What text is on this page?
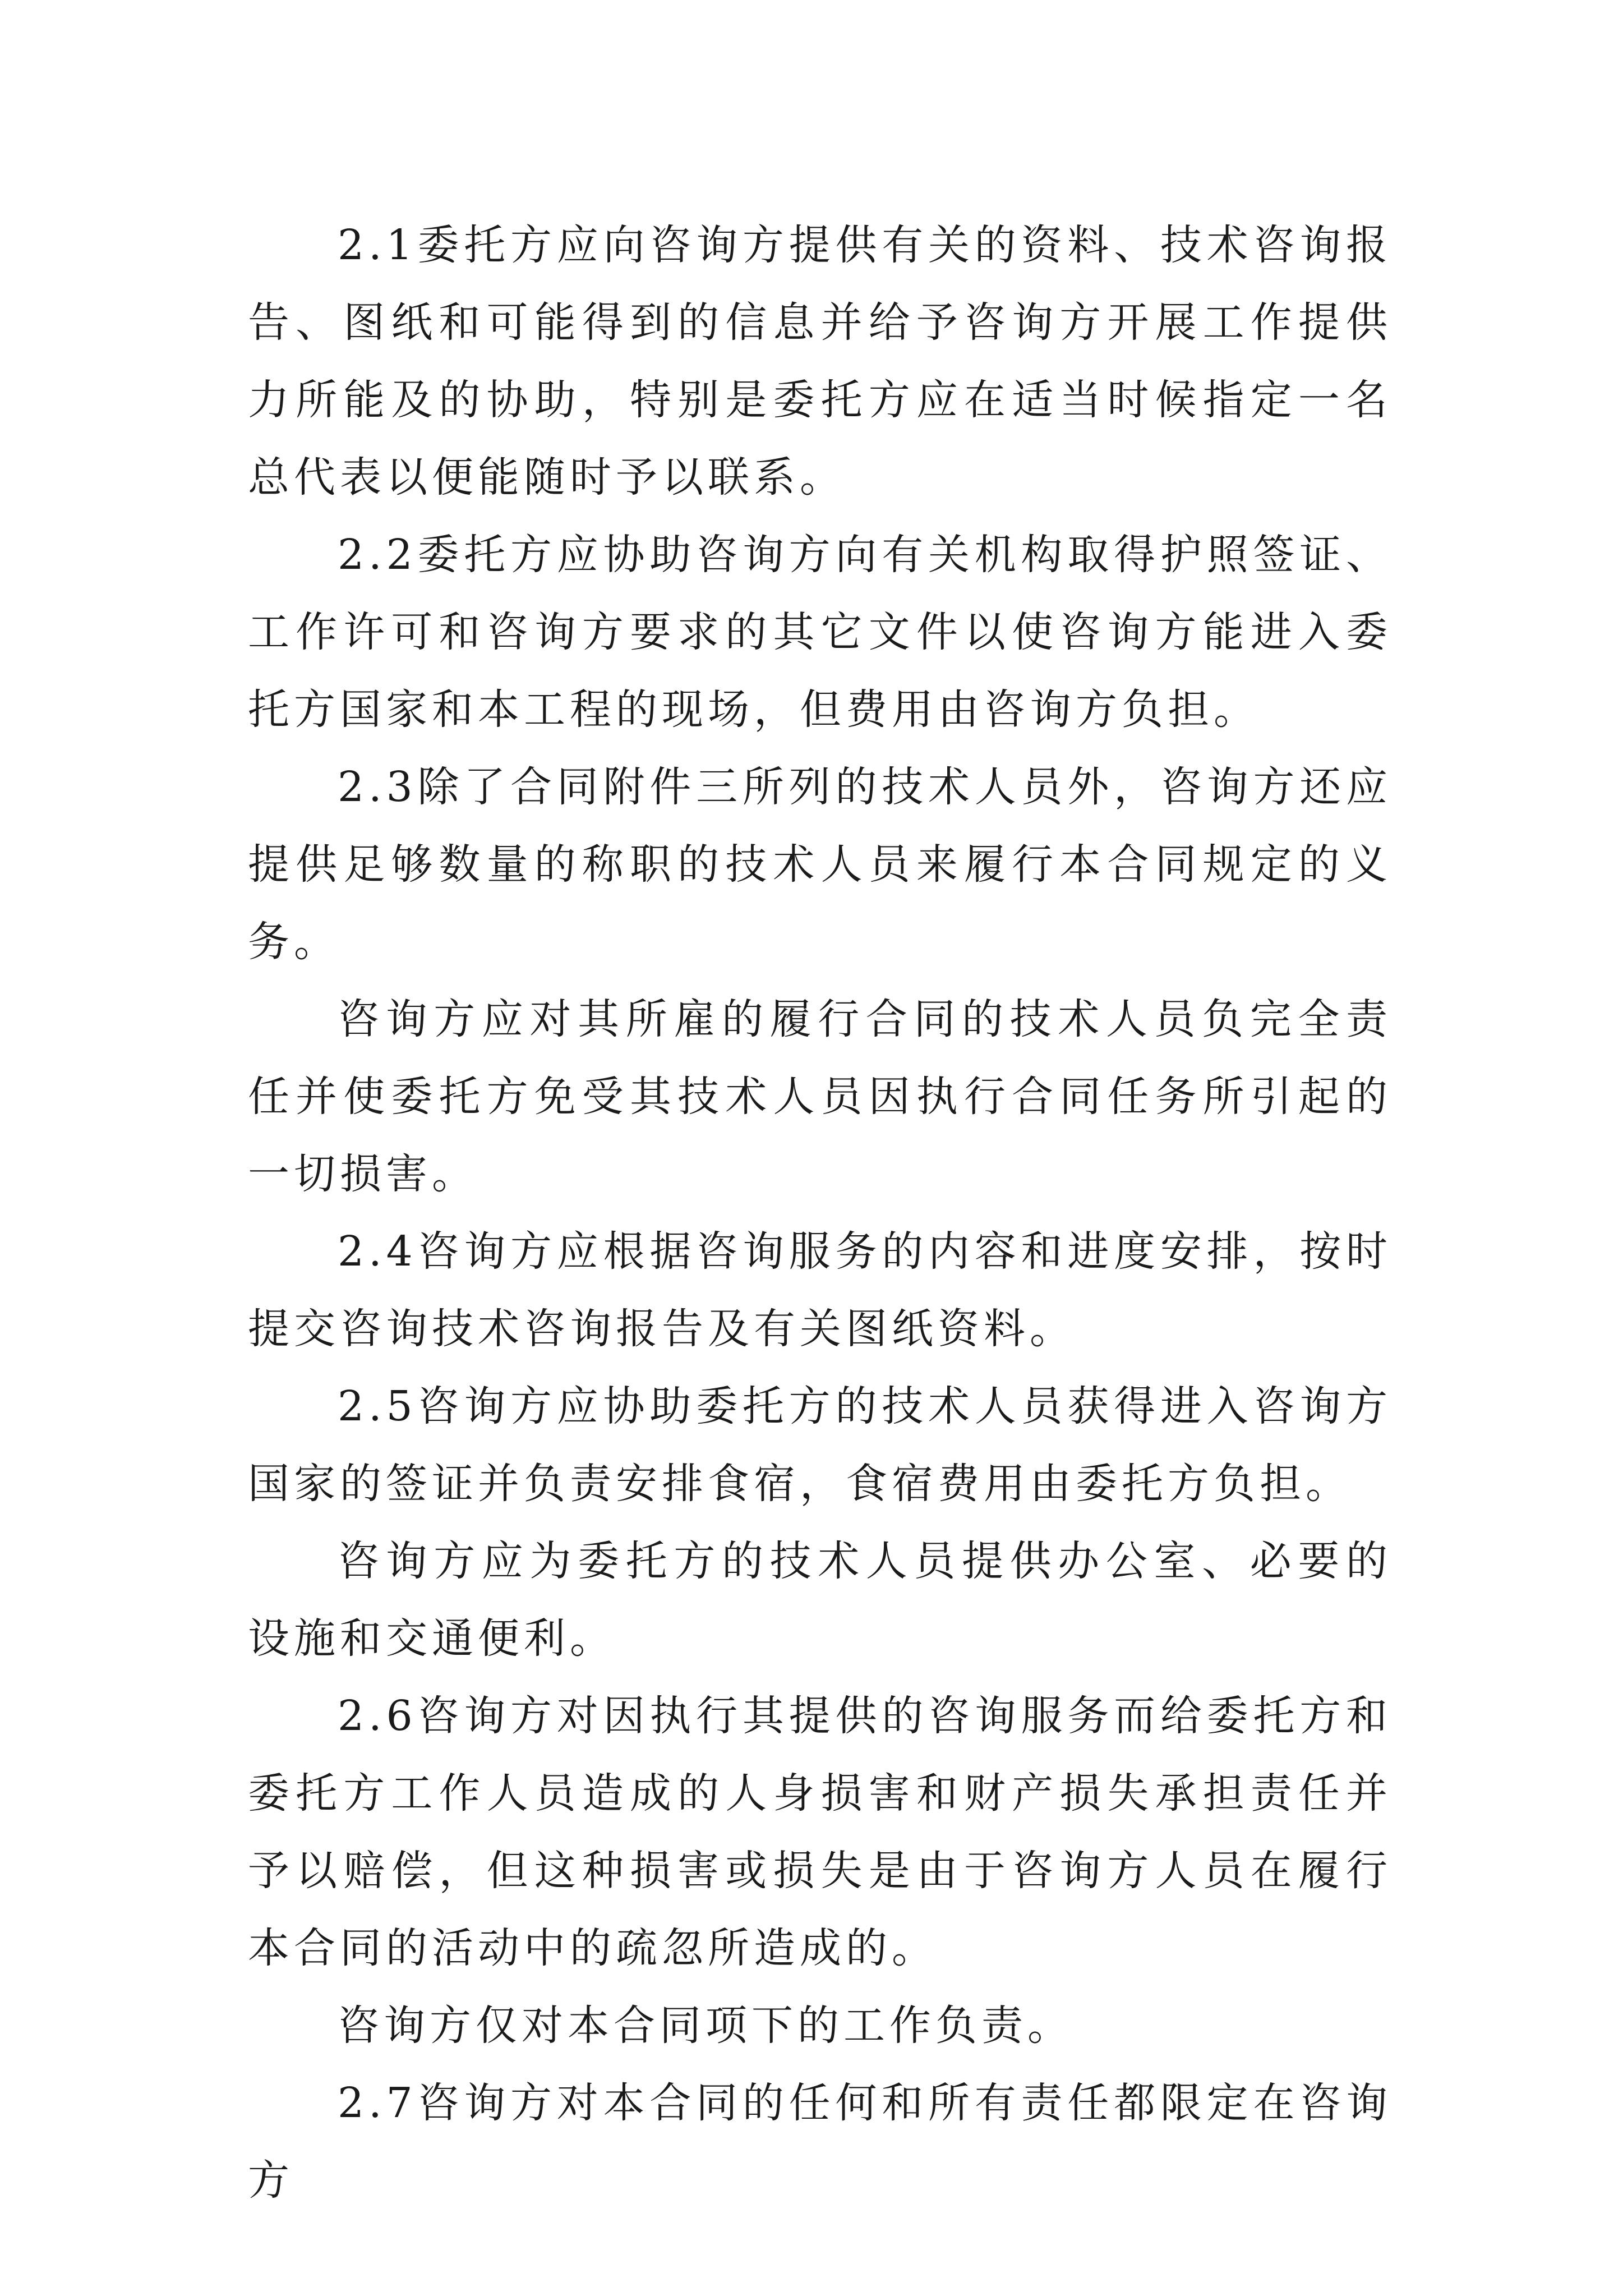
2.1委托方应向咨询方提供有关的资料、技术咨询报告、图纸和可能得到的信息并给予咨询方开展工作提供力所能及的协助，特别是委托方应在适当时候指定一名总代表以便能随时予以联系。

2.2委托方应协助咨询方向有关机构取得护照签证、工作许可和咨询方要求的其它文件以使咨询方能进入委托方国家和本工程的现场，但费用由咨询方负担。

2.3除了合同附件三所列的技术人员外，咨询方还应提供足够数量的称职的技术人员来履行本合同规定的义务。

咨询方应对其所雇的履行合同的技术人员负完全责任并使委托方免受其技术人员因执行合同任务所引起的一切损害。

2.4咨询方应根据咨询服务的内容和进度安排，按时提交咨询技术咨询报告及有关图纸资料。

2.5咨询方应协助委托方的技术人员获得进入咨询方国家的签证并负责安排食宿，食宿费用由委托方负担。

咨询方应为委托方的技术人员提供办公室、必要的设施和交通便利。

2.6咨询方对因执行其提供的咨询服务而给委托方和委托方工作人员造成的人身损害和财产损失承担责任并予以赔偿，但这种损害或损失是由于咨询方人员在履行本合同的活动中的疏忽所造成的。

咨询方仅对本合同项下的工作负责。

2.7咨询方对本合同的任何和所有责任都限定在咨询方
